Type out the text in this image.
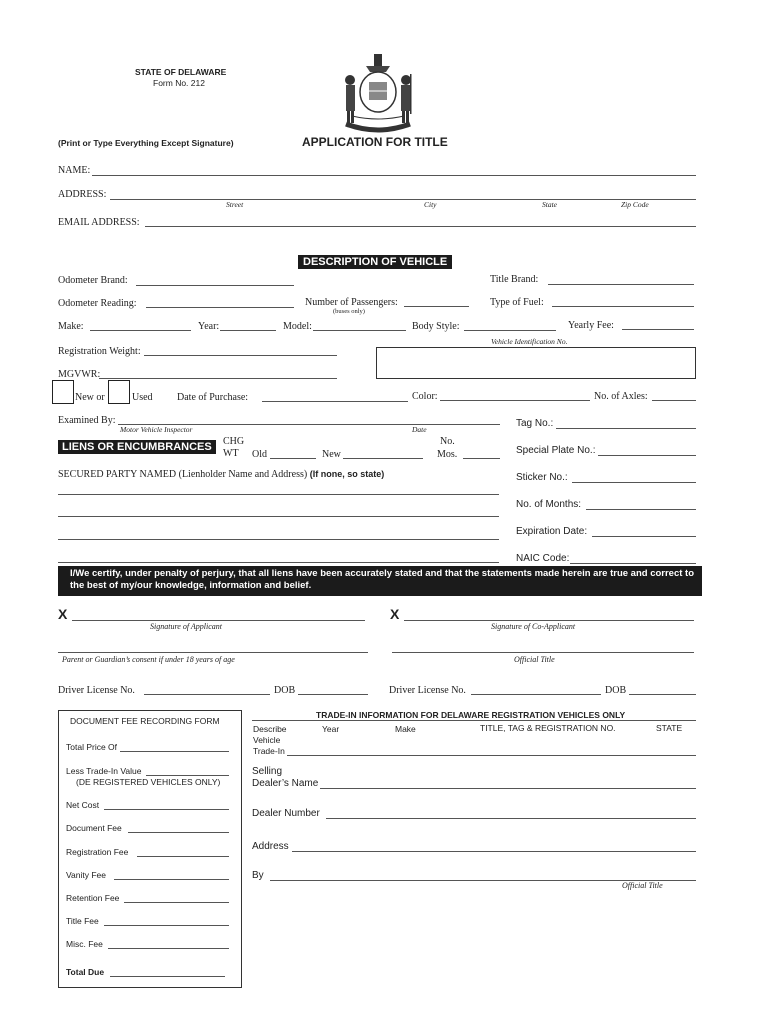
STATE OF DELAWARE
Form No. 212
(Print or Type Everything Except Signature)	APPLICATION FOR TITLE
NAME:
ADDRESS:
Street	City	State	Zip Code
EMAIL ADDRESS:
DESCRIPTION OF VEHICLE
Odometer Brand:	Title Brand:
Odometer Reading:	Number of Passengers:
(buses only)
Type of Fuel:
Make:	Year:	Model:	Body Style:	Yearly Fee:
Vehicle Identification No.
Registration Weight:
MGVWR:
New or	Used Date of Purchase:	Color:	No. of Axles:
Examined By:
Motor Vehicle Inspector	Date
LIENS OR ENCUMBRANCES	CHG
WT Old	New
No.
Mos.
SECURED PARTY NAMED (Lienholder Name and Address) (If none, so state)
Tag No.:
Special Plate No.:
Sticker No.:
No. of Months:
Expiration Date:
NAIC Code:
I/We certify, under penalty of perjury, that all liens have been accurately stated and that the statements made herein are true and correct to the best of my/our knowledge, information and belief.
X
Signature of Applicant
X
Signature of Co-Applicant
Parent or Guardian’s consent if under 18 years of age	Official Title
Driver License No.	DOB	Driver License No.	DOB
DOCUMENT FEE RECORDING FORM
Total Price Of
Less Trade-In Value
(DE REGISTERED VEHICLES ONLY)
Net Cost
Document Fee
Registration Fee
Vanity Fee
Retention Fee
Title Fee
Misc. Fee
Total Due
TRADE-IN INFORMATION FOR DELAWARE REGISTRATION VEHICLES ONLY
Describe
Vehicle
Trade-In
Year	Make	TITLE, TAG & REGISTRATION NO.	STATE
Selling
Dealer’s Name
Dealer Number
Address
By
Official Title
